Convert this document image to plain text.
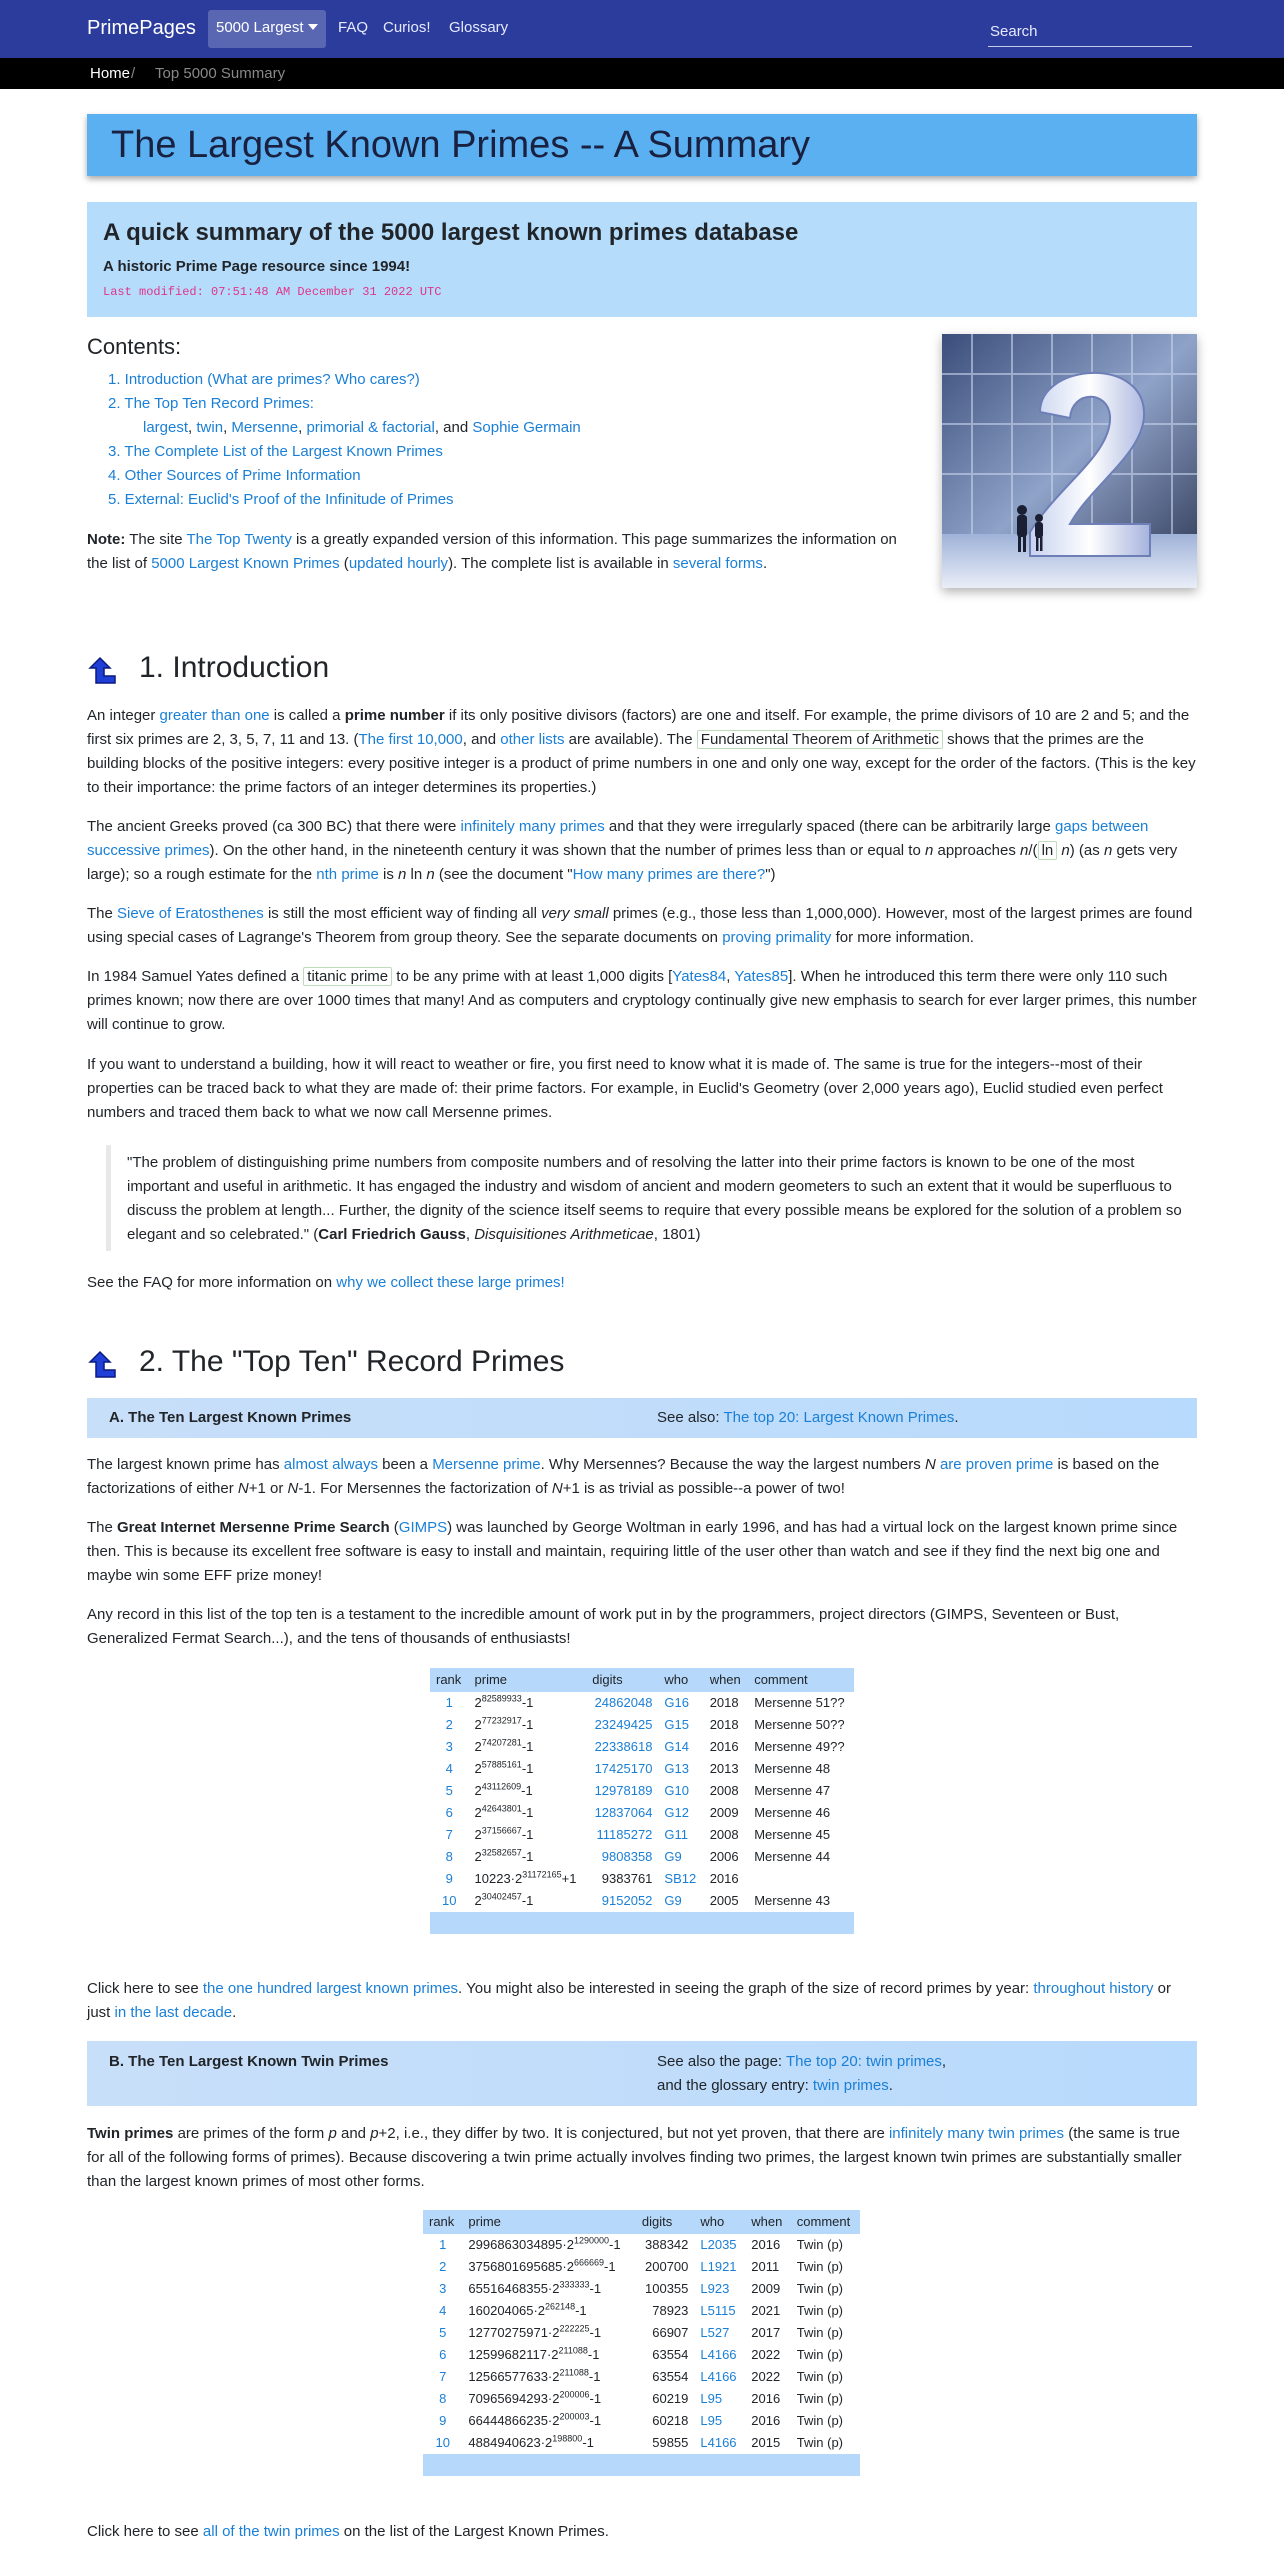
PrimePages	5000 Largest	FAQ Curios! Glossary
Search
Home / Top 5000 Summary
The Largest Known Primes -- A Summary
A quick summary of the 5000 largest known primes database
A historic Prime Page resource since 1994!
Last modified: 07:51:48 AM December 31 2022 UTC
Contents:
1. Introduction (What are primes? Who cares?)
2. The Top Ten Record Primes:
largest, twin, Mersenne, primorial & factorial, and Sophie Germain
3. The Complete List of the Largest Known Primes
4. Other Sources of Prime Information
5. External: Euclid's Proof of the Infinitude of Primes
Note: The site The Top Twenty is a greatly expanded version of this information. This page summarizes the information on the list of 5000 Largest Known Primes (updated hourly). The complete list is available in several forms.
1. Introduction

An integer greater than one is called a prime number if its only positive divisors (factors) are one and itself. For example, the prime divisors of 10 are 2 and 5; and the first six primes are 2, 3, 5, 7, 11 and 13. (The first 10,000, and other lists are available). The Fundamental Theorem of Arithmetic shows that the primes are the building blocks of the positive integers: every positive integer is a product of prime numbers in one and only one way, except for the order of the factors. (This is the key to their importance: the prime factors of an integer determines its properties.)

The ancient Greeks proved (ca 300 BC) that there were infinitely many primes and that they were irregularly spaced (there can be arbitrarily large gaps between successive primes). On the other hand, in the nineteenth century it was shown that the number of primes less than or equal to n approaches n/( ln n) (as n gets very large); so a rough estimate for the nth prime is n ln n (see the document "How many primes are there?")

The Sieve of Eratosthenes is still the most efficient way of finding all very small primes (e.g., those less than 1,000,000). However, most of the largest primes are found using special cases of Lagrange's Theorem from group theory. See the separate documents on proving primality for more information.

In 1984 Samuel Yates defined a titanic prime to be any prime with at least 1,000 digits [Yates84, Yates85]. When he introduced this term there were only 110 such primes known; now there are over 1000 times that many! And as computers and cryptology continually give new emphasis to search for ever larger primes, this number will continue to grow.

If you want to understand a building, how it will react to weather or fire, you first need to know what it is made of. The same is true for the integers--most of their properties can be traced back to what they are made of: their prime factors. For example, in Euclid's Geometry (over 2,000 years ago), Euclid studied even perfect numbers and traced them back to what we now call Mersenne primes.

"The problem of distinguishing prime numbers from composite numbers and of resolving the latter into their prime factors is known to be one of the most important and useful in arithmetic. It has engaged the industry and wisdom of ancient and modern geometers to such an extent that it would be superfluous to discuss the problem at length... Further, the dignity of the science itself seems to require that every possible means be explored for the solution of a problem so elegant and so celebrated." (Carl Friedrich Gauss, Disquisitiones Arithmeticae, 1801)

See the FAQ for more information on why we collect these large primes!

2. The "Top Ten" Record Primes
A. The Ten Largest Known Primes	See also: The top 20: Largest Known Primes.

The largest known prime has almost always been a Mersenne prime. Why Mersennes? Because the way the largest numbers N are proven prime is based on the factorizations of either N+1 or N-1. For Mersennes the factorization of N+1 is as trivial as possible--a power of two!

The Great Internet Mersenne Prime Search (GIMPS) was launched by George Woltman in early 1996, and has had a virtual lock on the largest known prime since then. This is because its excellent free software is easy to install and maintain, requiring little of the user other than watch and see if they find the next big one and maybe win some EFF prize money!

Any record in this list of the top ten is a testament to the incredible amount of work put in by the programmers, project directors (GIMPS, Seventeen or Bust, Generalized Fermat Search...), and the tens of thousands of enthusiasts!

rank	prime	digits	who	when	comment
1	$2^{82589933}-1$	24862048	G16	2018	Mersenne 51??
2	$2^{77232917}-1$	23249425	G15	2018	Mersenne 50??
3	$2^{74207281}-1$	22338618	G14	2016	Mersenne 49??
4	$2^{57885161}-1$	17425170	G13	2013	Mersenne 48
5	$2^{43112609}-1$	12978189	G10	2008	Mersenne 47
6	$2^{42643801}-1$	12837064	G12	2009	Mersenne 46
7	$2^{37156667}-1$	11185272	G11	2008	Mersenne 45
8	$2^{32582657}-1$	9808358	G9	2006	Mersenne 44
9	$10223\cdot 2^{31172165}+1$	9383761	SB12	2016	
10	$2^{30402457}-1$	9152052	G9	2005	Mersenne 43

Click here to see the one hundred largest known primes. You might also be interested in seeing the graph of the size of record primes by year: throughout history or just in the last decade.

B. The Ten Largest Known Twin Primes	See also the page: The top 20: twin primes,
and the glossary entry: twin primes.

Twin primes are primes of the form p and p+2, i.e., they differ by two. It is conjectured, but not yet proven, that there are infinitely many twin primes (the same is true for all of the following forms of primes). Because discovering a twin prime actually involves finding two primes, the largest known twin primes are substantially smaller than the largest known primes of most other forms.

rank	prime	digits	who	when	comment
1	$2996863034895\cdot 2^{1290000}-1$	388342	L2035	2016	Twin (p)
2	$3756801695685\cdot 2^{666669}-1$	200700	L1921	2011	Twin (p)
3	$65516468355\cdot 2^{333333}-1$	100355	L923	2009	Twin (p)
4	$160204065\cdot 2^{262148}-1$	78923	L5115	2021	Twin (p)
5	$12770275971\cdot 2^{222225}-1$	66907	L527	2017	Twin (p)
6	$12599682117\cdot 2^{211088}-1$	63554	L4166	2022	Twin (p)
7	$12566577633\cdot 2^{211088}-1$	63554	L4166	2022	Twin (p)
8	$70965694293\cdot 2^{200006}-1$	60219	L95	2016	Twin (p)
9	$66444866235\cdot 2^{200003}-1$	60218	L95	2016	Twin (p)
10	$4884940623\cdot 2^{198800}-1$	59855	L4166	2015	Twin (p)

Click here to see all of the twin primes on the list of the Largest Known Primes.
